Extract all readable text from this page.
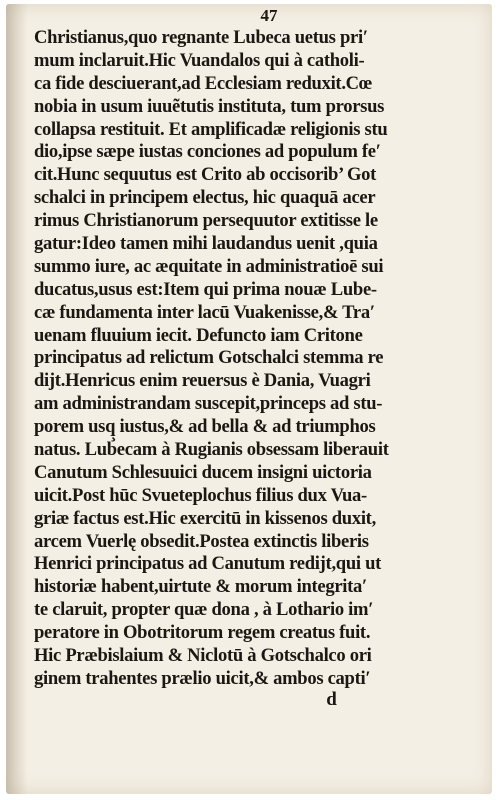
47
Christianus,quo regnante Lubeca uetus pri′
mum inclaruit.Hic Vuandalos qui à catholi-
ca fide desciuerant,ad Ecclesiam reduxit.Cœ
nobia in usum iuuẽtutis instituta, tum prorsus
collapsa restituit. Et amplificadæ religionis stu
dio,ipse sæpe iustas conciones ad populum fe′
cit.Hunc sequutus est Crito ab occisorib’ Got
schalci in principem electus, hic quaquā acer
rimus Christianorum persequutor extitisse le
gatur:Ideo tamen mihi laudandus uenit ,quia
summo iure, ac æquitate in administratioē sui
ducatus,usus est:Item qui prima nouæ Lube-
cæ fundamenta inter lacū Vuakenisse,& Tra′
uenam fluuium iecit. Defuncto iam Critone
principatus ad relictum Gotschalci stemma re
dijt.Henricus enim reuersus è Dania, Vuagri
am administrandam suscepit,princeps ad stu-
porem usq̧ iustus,& ad bella & ad triumphos
natus. Lubecam à Rugianis obsessam liberauit
Canutum Schlesuuici ducem insigni uictoria
uicit.Post hūc Svueteplochus filius dux Vua-
griæ factus est.Hic exercitū in kissenos duxit,
arcem Vuerlę obsedit.Postea extinctis liberis
Henrici principatus ad Canutum redijt,qui ut
historiæ habent,uirtute & morum integrita′
te claruit, propter quæ dona , à Lothario im′
peratore in Obotritorum regem creatus fuit.
Hic Præbislaium & Niclotū à Gotschalco ori
ginem trahentes prælio uicit,& ambos capti′
d
